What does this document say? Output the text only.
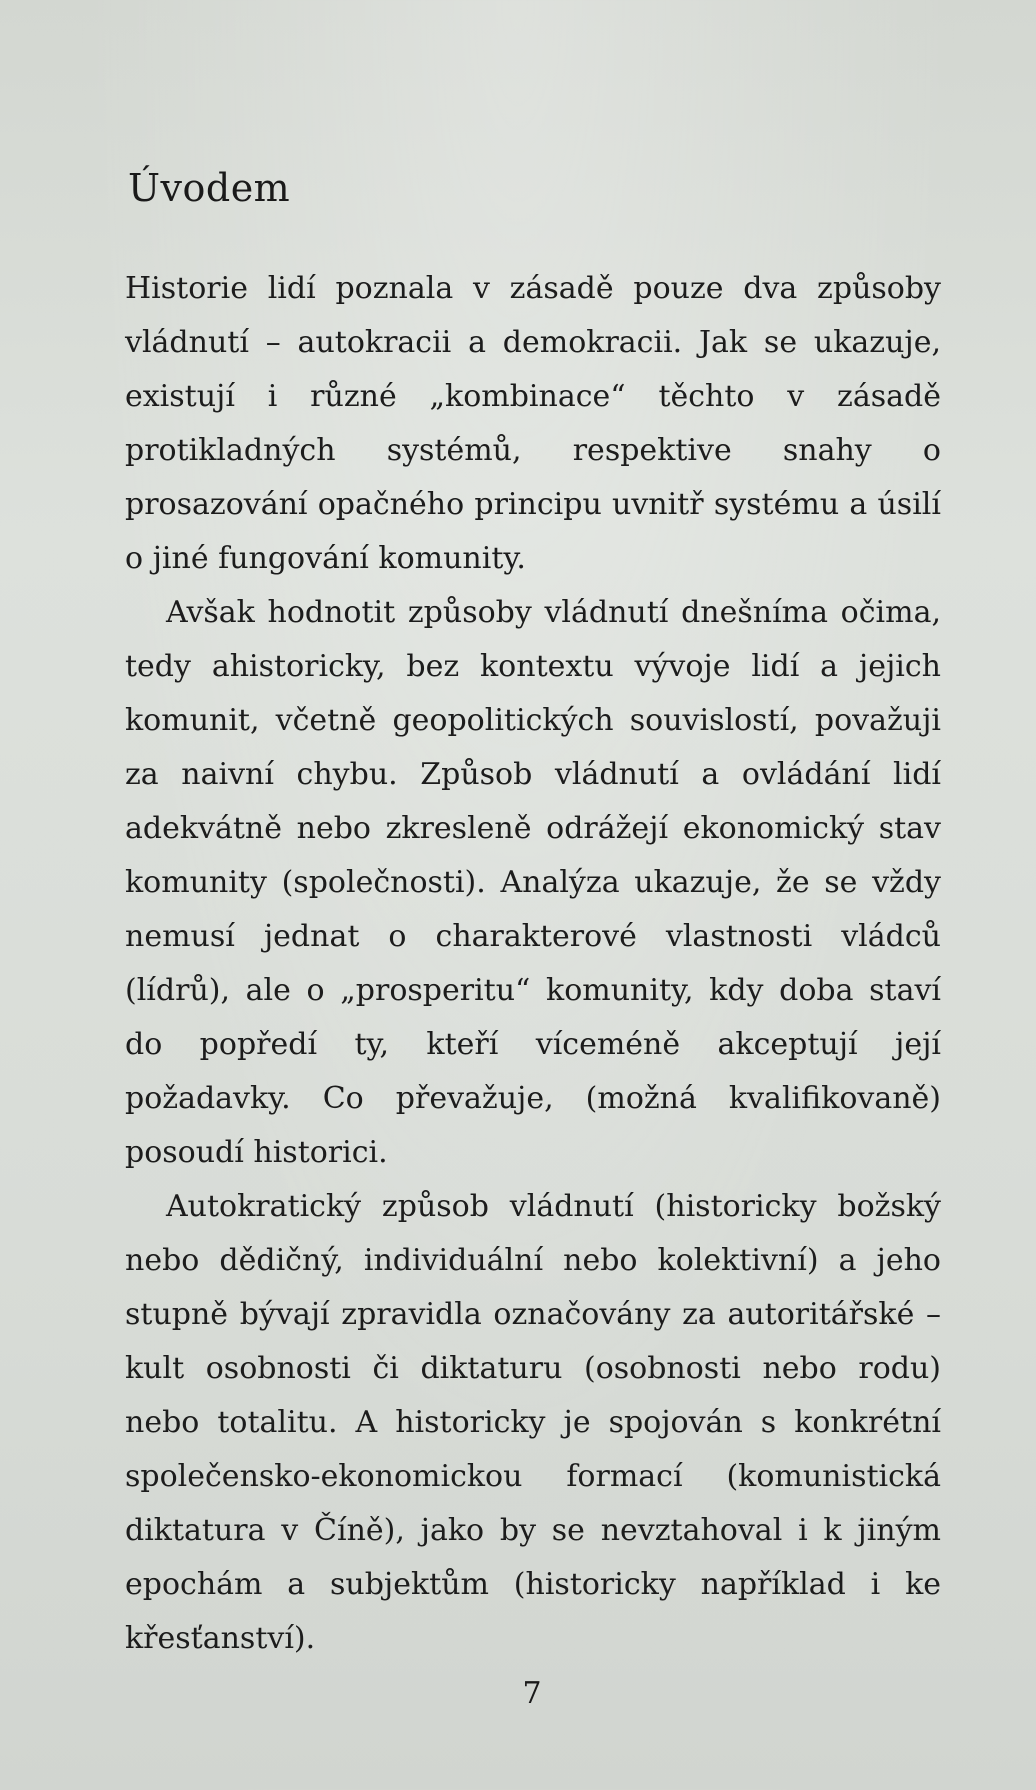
Úvodem

Historie lidí poznala v zásadě pouze dva způsoby vládnutí – autokracii a demokracii. Jak se ukazuje, existují i různé „kombinace“ těchto v zásadě protikladných systémů, respektive snahy o prosazování opačného principu uvnitř systému a úsilí o jiné fungování komunity.

Avšak hodnotit způsoby vládnutí dnešníma očima, tedy ahistoricky, bez kontextu vývoje lidí a jejich komunit, včetně geopolitických souvislostí, považuji za naivní chybu. Způsob vládnutí a ovládání lidí adekvátně nebo zkresleně odrážejí ekonomický stav komunity (společnosti). Analýza ukazuje, že se vždy nemusí jednat o charakterové vlastnosti vládců (lídrů), ale o „prosperitu“ komunity, kdy doba staví do popředí ty, kteří víceméně akceptují její požadavky. Co převažuje, (možná kvalifikovaně) posoudí historici.

Autokratický způsob vládnutí (historicky božský nebo dědičný, individuální nebo kolektivní) a jeho stupně bývají zpravidla označovány za autoritářské – kult osobnosti či diktaturu (osobnosti nebo rodu) nebo totalitu. A historicky je spojován s konkrétní společensko-ekonomickou formací (komunistická diktatura v Číně), jako by se nevztahoval i k jiným epochám a subjektům (historicky například i ke křesťanství).

7
